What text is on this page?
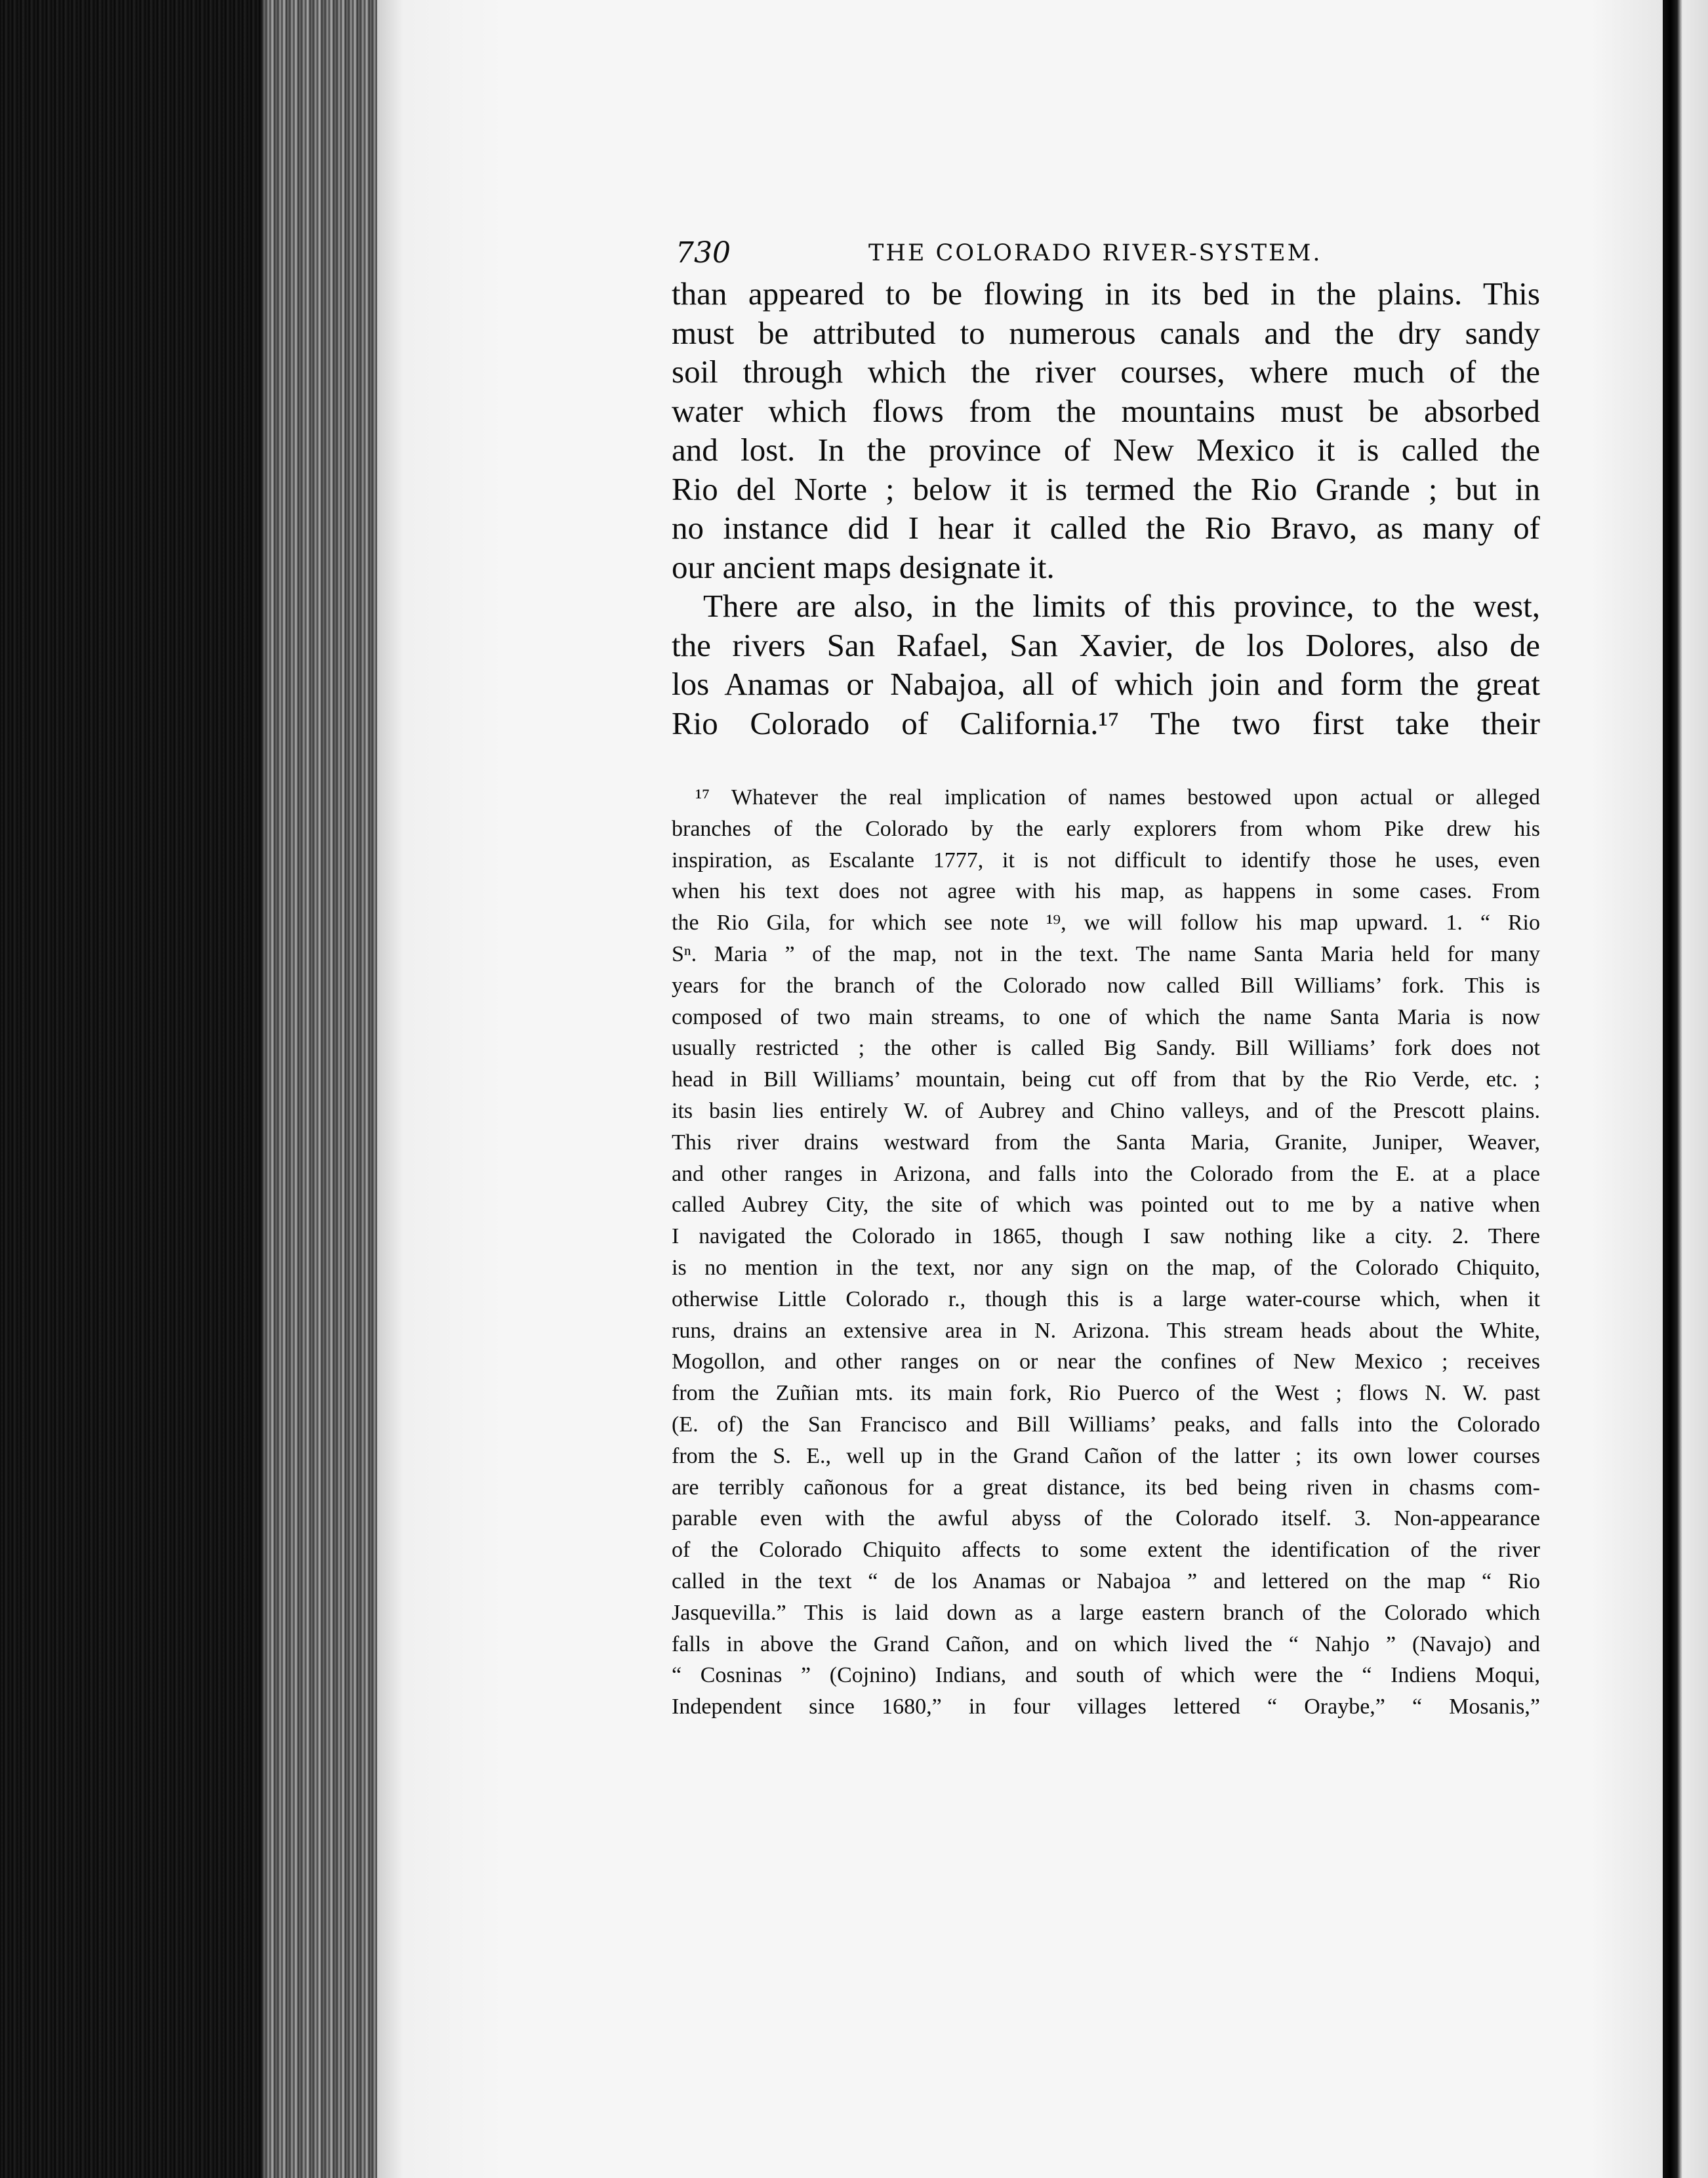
730	THE COLORADO RIVER-SYSTEM.
than appeared to be flowing in its bed in the plains. This
must be attributed to numerous canals and the dry sandy
soil through which the river courses, where much of the
water which flows from the mountains must be absorbed
and lost. In the province of New Mexico it is called the
Rio del Norte ; below it is termed the Rio Grande ; but in
no instance did I hear it called the Rio Bravo, as many of
our ancient maps designate it.
There are also, in the limits of this province, to the west,
the rivers San Rafael, San Xavier, de los Dolores, also de
los Anamas or Nabajoa, all of which join and form the great
Rio Colorado of California.¹⁷ The two first take their
¹⁷ Whatever the real implication of names bestowed upon actual or alleged
branches of the Colorado by the early explorers from whom Pike drew his
inspiration, as Escalante 1777, it is not difficult to identify those he uses, even
when his text does not agree with his map, as happens in some cases. From
the Rio Gila, for which see note ¹⁹, we will follow his map upward. 1. “ Rio
Sⁿ. Maria ” of the map, not in the text. The name Santa Maria held for many
years for the branch of the Colorado now called Bill Williams’ fork. This is
composed of two main streams, to one of which the name Santa Maria is now
usually restricted ; the other is called Big Sandy. Bill Williams’ fork does not
head in Bill Williams’ mountain, being cut off from that by the Rio Verde, etc. ;
its basin lies entirely W. of Aubrey and Chino valleys, and of the Prescott plains.
This river drains westward from the Santa Maria, Granite, Juniper, Weaver,
and other ranges in Arizona, and falls into the Colorado from the E. at a place
called Aubrey City, the site of which was pointed out to me by a native when
I navigated the Colorado in 1865, though I saw nothing like a city. 2. There
is no mention in the text, nor any sign on the map, of the Colorado Chiquito,
otherwise Little Colorado r., though this is a large water-course which, when it
runs, drains an extensive area in N. Arizona. This stream heads about the White,
Mogollon, and other ranges on or near the confines of New Mexico ; receives
from the Zuñian mts. its main fork, Rio Puerco of the West ; flows N. W. past
(E. of) the San Francisco and Bill Williams’ peaks, and falls into the Colorado
from the S. E., well up in the Grand Cañon of the latter ; its own lower courses
are terribly cañonous for a great distance, its bed being riven in chasms com-
parable even with the awful abyss of the Colorado itself. 3. Non-appearance
of the Colorado Chiquito affects to some extent the identification of the river
called in the text “ de los Anamas or Nabajoa ” and lettered on the map “ Rio
Jasquevilla.” This is laid down as a large eastern branch of the Colorado which
falls in above the Grand Cañon, and on which lived the “ Nahjo ” (Navajo) and
“ Cosninas ” (Cojnino) Indians, and south of which were the “ Indiens Moqui,
Independent since 1680,” in four villages lettered “ Oraybe,” “ Mosanis,”
